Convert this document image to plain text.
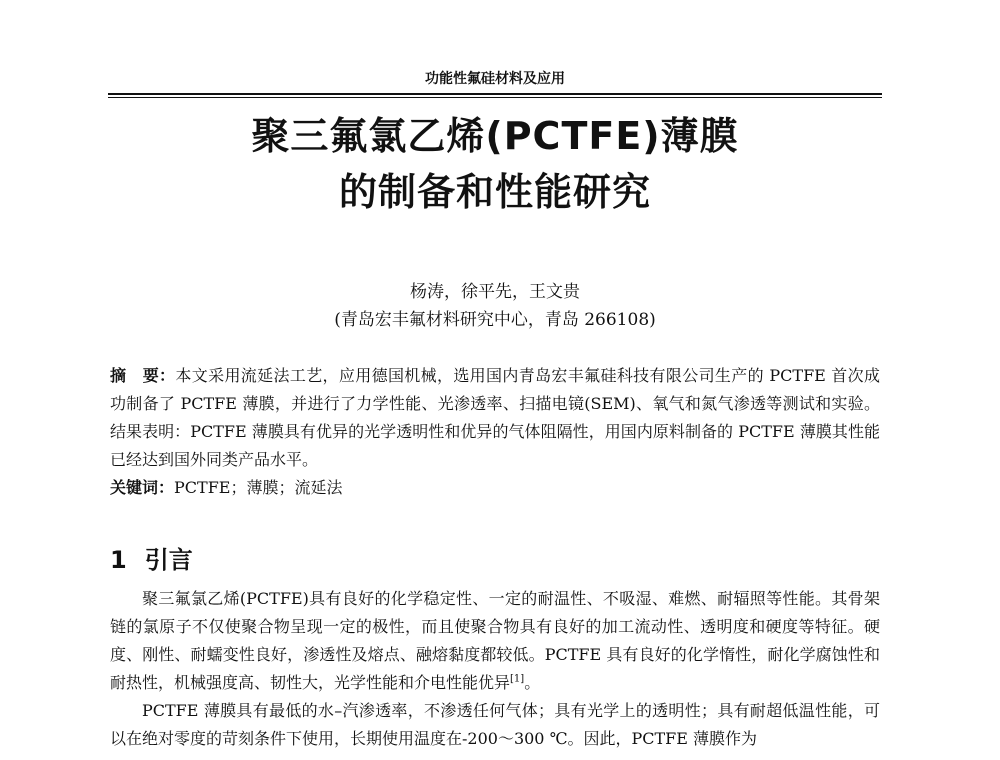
功能性氟硅材料及应用
聚三氟氯乙烯(PCTFE)薄膜
的制备和性能研究
杨涛，徐平先，王文贵
(青岛宏丰氟材料研究中心，青岛 266108)
摘　要：本文采用流延法工艺，应用德国机械，选用国内青岛宏丰氟硅科技有限公司生产的 PCTFE 首次成功制备了 PCTFE 薄膜，并进行了力学性能、光渗透率、扫描电镜(SEM)、氧气和氮气渗透等测试和实验。结果表明：PCTFE 薄膜具有优异的光学透明性和优异的气体阻隔性，用国内原料制备的 PCTFE 薄膜其性能已经达到国外同类产品水平。
关键词：PCTFE；薄膜；流延法
1 引言

聚三氟氯乙烯(PCTFE)具有良好的化学稳定性、一定的耐温性、不吸湿、难燃、耐辐照等性能。其骨架链的氯原子不仅使聚合物呈现一定的极性，而且使聚合物具有良好的加工流动性、透明度和硬度等特征。硬度、刚性、耐蠕变性良好，渗透性及熔点、融熔黏度都较低。PCTFE 具有良好的化学惰性，耐化学腐蚀性和耐热性，机械强度高、韧性大，光学性能和介电性能优异[1]。

PCTFE 薄膜具有最低的水–汽渗透率，不渗透任何气体；具有光学上的透明性；具有耐超低温性能，可以在绝对零度的苛刻条件下使用，长期使用温度在-200～300 ℃。因此，PCTFE 薄膜作为
